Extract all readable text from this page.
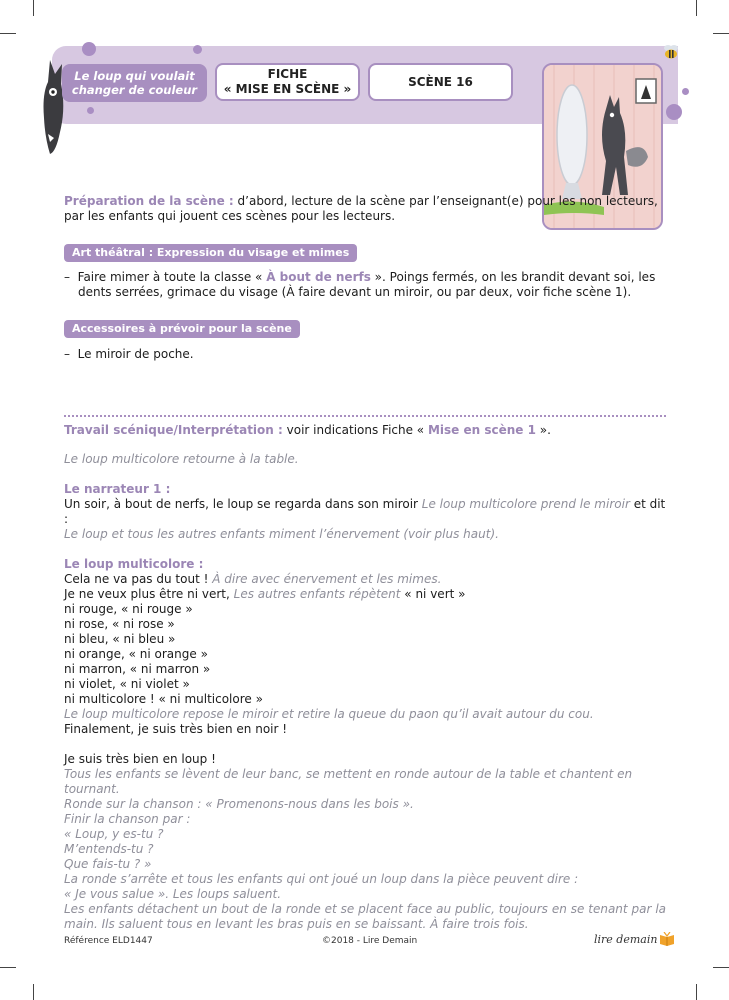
Le loup qui voulait changer de couleur
FICHE
« MISE EN SCÈNE »
SCÈNE 16

Préparation de la scène : d’abord, lecture de la scène par l’enseignant(e) pour les non lecteurs, par les enfants qui jouent ces scènes pour les lecteurs.

Art théâtral : Expression du visage et mimes

– Faire mimer à toute la classe « À bout de nerfs ». Poings fermés, on les brandit devant soi, les dents serrées, grimace du visage (À faire devant un miroir, ou par deux, voir fiche scène 1).

Accessoires à prévoir pour la scène

– Le miroir de poche.

Travail scénique/Interprétation : voir indications Fiche « Mise en scène 1 ».

Le loup multicolore retourne à la table.

Le narrateur 1 :

Un soir, à bout de nerfs, le loup se regarda dans son miroir Le loup multicolore prend le miroir et dit :

Le loup et tous les autres enfants miment l’énervement (voir plus haut).

Le loup multicolore :

Cela ne va pas du tout ! À dire avec énervement et les mimes.

Je ne veux plus être ni vert, Les autres enfants répètent « ni vert »

ni rouge, « ni rouge »

ni rose, « ni rose »

ni bleu, « ni bleu »

ni orange, « ni orange »

ni marron, « ni marron »

ni violet, « ni violet »

ni multicolore ! « ni multicolore »

Le loup multicolore repose le miroir et retire la queue du paon qu’il avait autour du cou.

Finalement, je suis très bien en noir !

Je suis très bien en loup !

Tous les enfants se lèvent de leur banc, se mettent en ronde autour de la table et chantent en tournant.

Ronde sur la chanson : « Promenons-nous dans les bois ».

Finir la chanson par :

« Loup, y es-tu ?

M’entends-tu ?

Que fais-tu ? »

La ronde s’arrête et tous les enfants qui ont joué un loup dans la pièce peuvent dire :

« Je vous salue ». Les loups saluent.

Les enfants détachent un bout de la ronde et se placent face au public, toujours en se tenant par la main. Ils saluent tous en levant les bras puis en se baissant. À faire trois fois.

Référence ELD1447	©2018 - Lire Demain	lire demain
